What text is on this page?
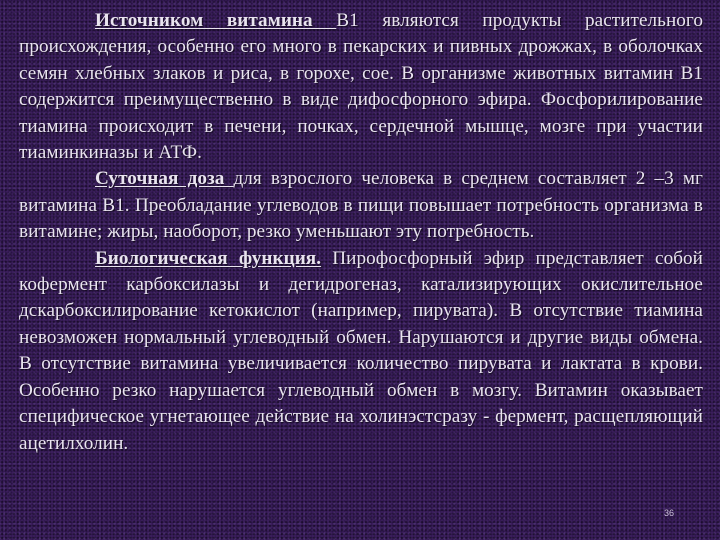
Источником витамина В1 являются продукты растительного происхождения, особенно его много в пекарских и пивных дрожжах, в оболочках семян хлебных злаков и риса, в горохе, сое. В организме животных витамин В1 содержится преимущественно в виде дифосфорного эфира. Фосфорилирование тиамина происходит в печени, почках, сердечной мышце, мозге при участии тиаминкиназы и АТФ.

Суточная доза для взрослого человека в среднем составляет 2 –3 мг витамина В1. Преобладание углеводов в пищи повышает потребность организма в витамине; жиры, наоборот, резко уменьшают эту потребность.

Биологическая функция. Пирофосфорный эфир представляет собой кофермент карбоксилазы и дегидрогеназ, катализирующих окислительное дскарбоксилирование кетокислот (например, пирувата). В отсутствие тиамина невозможен нормальный углеводный обмен. Нарушаются и другие виды обмена. В отсутствие витамина увеличивается количество пирувата и лактата в крови. Особенно резко нарушается углеводный обмен в мозгу. Витамин оказывает специфическое угнетающее действие на холинэстсразу - фермент, расщепляющий ацетилхолин.

36
